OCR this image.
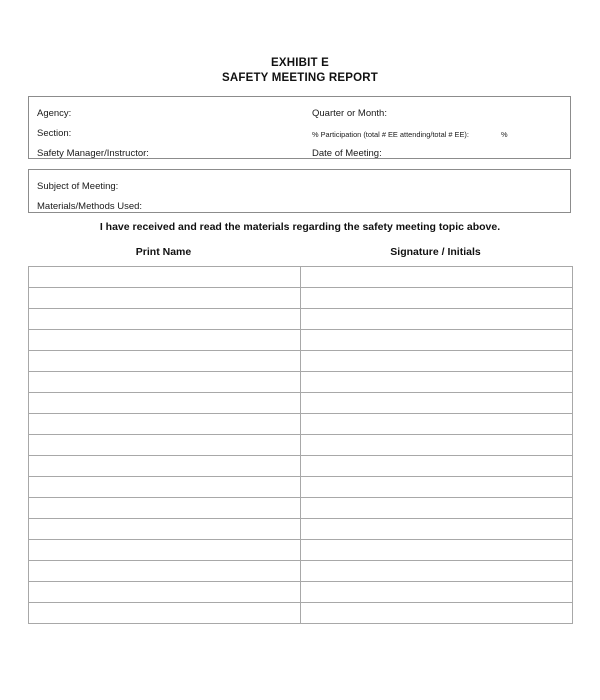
EXHIBIT E
SAFETY MEETING REPORT
Agency:
Section:
Safety Manager/Instructor:
Quarter or Month:
% Participation (total # EE attending/total # EE):	%
Date of Meeting:
Subject of Meeting:
Materials/Methods Used:
I have received and read the materials regarding the safety meeting topic above.
Print Name	Signature / Initials
